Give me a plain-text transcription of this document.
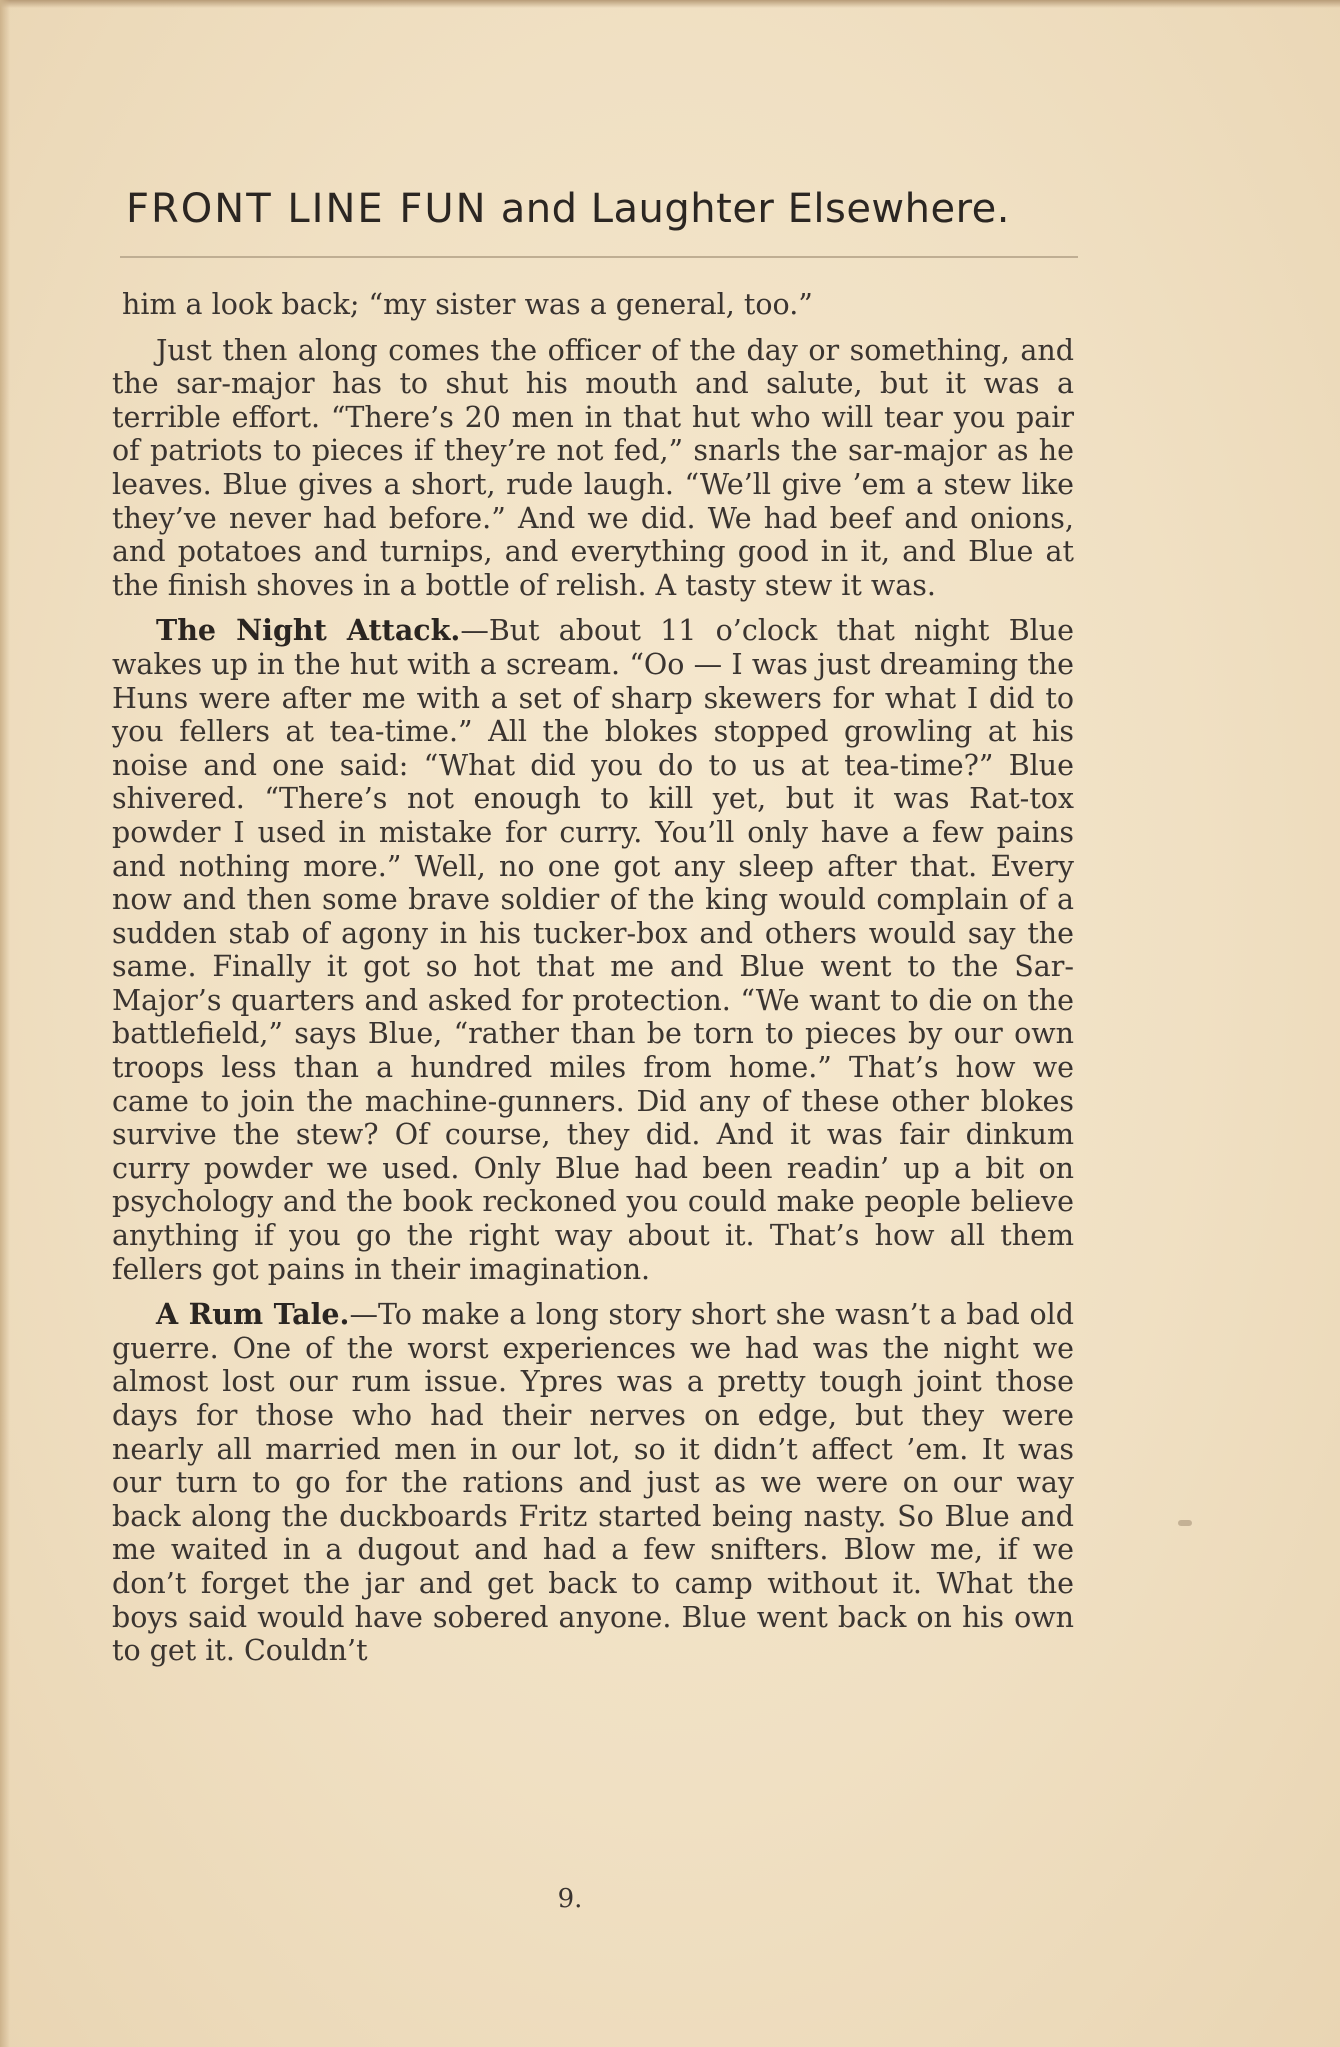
FRONT LINE FUN and Laughter Elsewhere.

him a look back; “my sister was a general, too.”

Just then along comes the officer of the day or something, and the sar-major has to shut his mouth and salute, but it was a terrible effort. “There’s 20 men in that hut who will tear you pair of patriots to pieces if they’re not fed,” snarls the sar-major as he leaves. Blue gives a short, rude laugh. “We’ll give ’em a stew like they’ve never had before.” And we did. We had beef and onions, and potatoes and turnips, and everything good in it, and Blue at the finish shoves in a bottle of relish. A tasty stew it was.

The Night Attack.—But about 11 o’clock that night Blue wakes up in the hut with a scream. “Oo — I was just dreaming the Huns were after me with a set of sharp skewers for what I did to you fellers at tea-time.” All the blokes stopped growling at his noise and one said: “What did you do to us at tea-time?” Blue shivered. “There’s not enough to kill yet, but it was Rat-tox powder I used in mistake for curry. You’ll only have a few pains and nothing more.” Well, no one got any sleep after that. Every now and then some brave soldier of the king would complain of a sudden stab of agony in his tucker-box and others would say the same. Finally it got so hot that me and Blue went to the Sar-Major’s quarters and asked for protection. “We want to die on the battlefield,” says Blue, “rather than be torn to pieces by our own troops less than a hundred miles from home.” That’s how we came to join the machine-gunners. Did any of these other blokes survive the stew? Of course, they did. And it was fair dinkum curry powder we used. Only Blue had been readin’ up a bit on psychology and the book reckoned you could make people believe anything if you go the right way about it. That’s how all them fellers got pains in their imagination.

A Rum Tale.—To make a long story short she wasn’t a bad old guerre. One of the worst experiences we had was the night we almost lost our rum issue. Ypres was a pretty tough joint those days for those who had their nerves on edge, but they were nearly all married men in our lot, so it didn’t affect ’em. It was our turn to go for the rations and just as we were on our way back along the duckboards Fritz started being nasty. So Blue and me waited in a dugout and had a few snifters. Blow me, if we don’t forget the jar and get back to camp without it. What the boys said would have sobered anyone. Blue went back on his own to get it. Couldn’t

9.
